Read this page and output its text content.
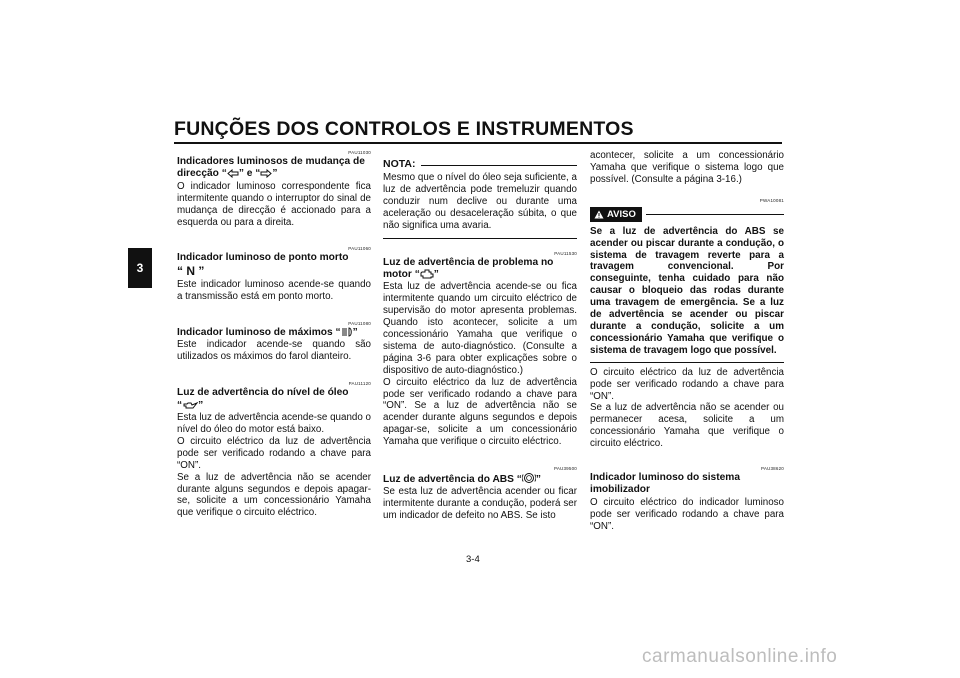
FUNÇÕES DOS CONTROLOS E INSTRUMENTOS
3

PAU11030

Indicadores luminosos de mudança de
direcção “ ” e “ ”

O indicador luminoso correspondente fica intermitente quando o interruptor do sinal de mudança de direcção é accionado para a esquerda ou para a direita.

PAU11060

Indicador luminoso de ponto morto
“ N ”

Este indicador luminoso acende-se quando a transmissão está em ponto morto.

PAU11080

Indicador luminoso de máximos “ ”

Este indicador acende-se quando são utilizados os máximos do farol dianteiro.

PAU11120

Luz de advertência do nível de óleo
“ ”

Esta luz de advertência acende-se quando o nível do óleo do motor está baixo.

O circuito eléctrico da luz de advertência pode ser verificado rodando a chave para “ON”.

Se a luz de advertência não se acender durante alguns segundos e depois apagar-se, solicite a um concessionário Yamaha que verifique o circuito eléctrico.

NOTA:

Mesmo que o nível do óleo seja suficiente, a luz de advertência pode tremeluzir quando conduzir num declive ou durante uma aceleração ou desaceleração súbita, o que não significa uma avaria.

PAU11530

Luz de advertência de problema no motor “ ”

Esta luz de advertência acende-se ou fica intermitente quando um circuito eléctrico de supervisão do motor apresenta problemas. Quando isto acontecer, solicite a um concessionário Yamaha que verifique o sistema de auto-diagnóstico. (Consulte a página 3-6 para obter explicações sobre o dispositivo de auto-diagnóstico.)

O circuito eléctrico da luz de advertência pode ser verificado rodando a chave para “ON”. Se a luz de advertência não se acender durante alguns segundos e depois apagar-se, solicite a um concessionário Yamaha que verifique o circuito eléctrico.

PAU39500

Luz de advertência do ABS “ ”

Se esta luz de advertência acender ou ficar intermitente durante a condução, poderá ser um indicador de defeito no ABS. Se isto

acontecer, solicite a um concessionário Yamaha que verifique o sistema logo que possível. (Consulte a página 3-16.)

PWA10081

AVISO

Se a luz de advertência do ABS se acender ou piscar durante a condução, o sistema de travagem reverte para a travagem convencional. Por conseguinte, tenha cuidado para não causar o bloqueio das rodas durante uma travagem de emergência. Se a luz de advertência se acender ou piscar durante a condução, solicite a um concessionário Yamaha que verifique o sistema de travagem logo que possível.

O circuito eléctrico da luz de advertência pode ser verificado rodando a chave para “ON”.

Se a luz de advertência não se acender ou permanecer acesa, solicite a um concessionário Yamaha que verifique o circuito eléctrico.

PAU38620

Indicador luminoso do sistema imobilizador

O circuito eléctrico do indicador luminoso pode ser verificado rodando a chave para “ON”.

3-4
carmanualsonline.info
